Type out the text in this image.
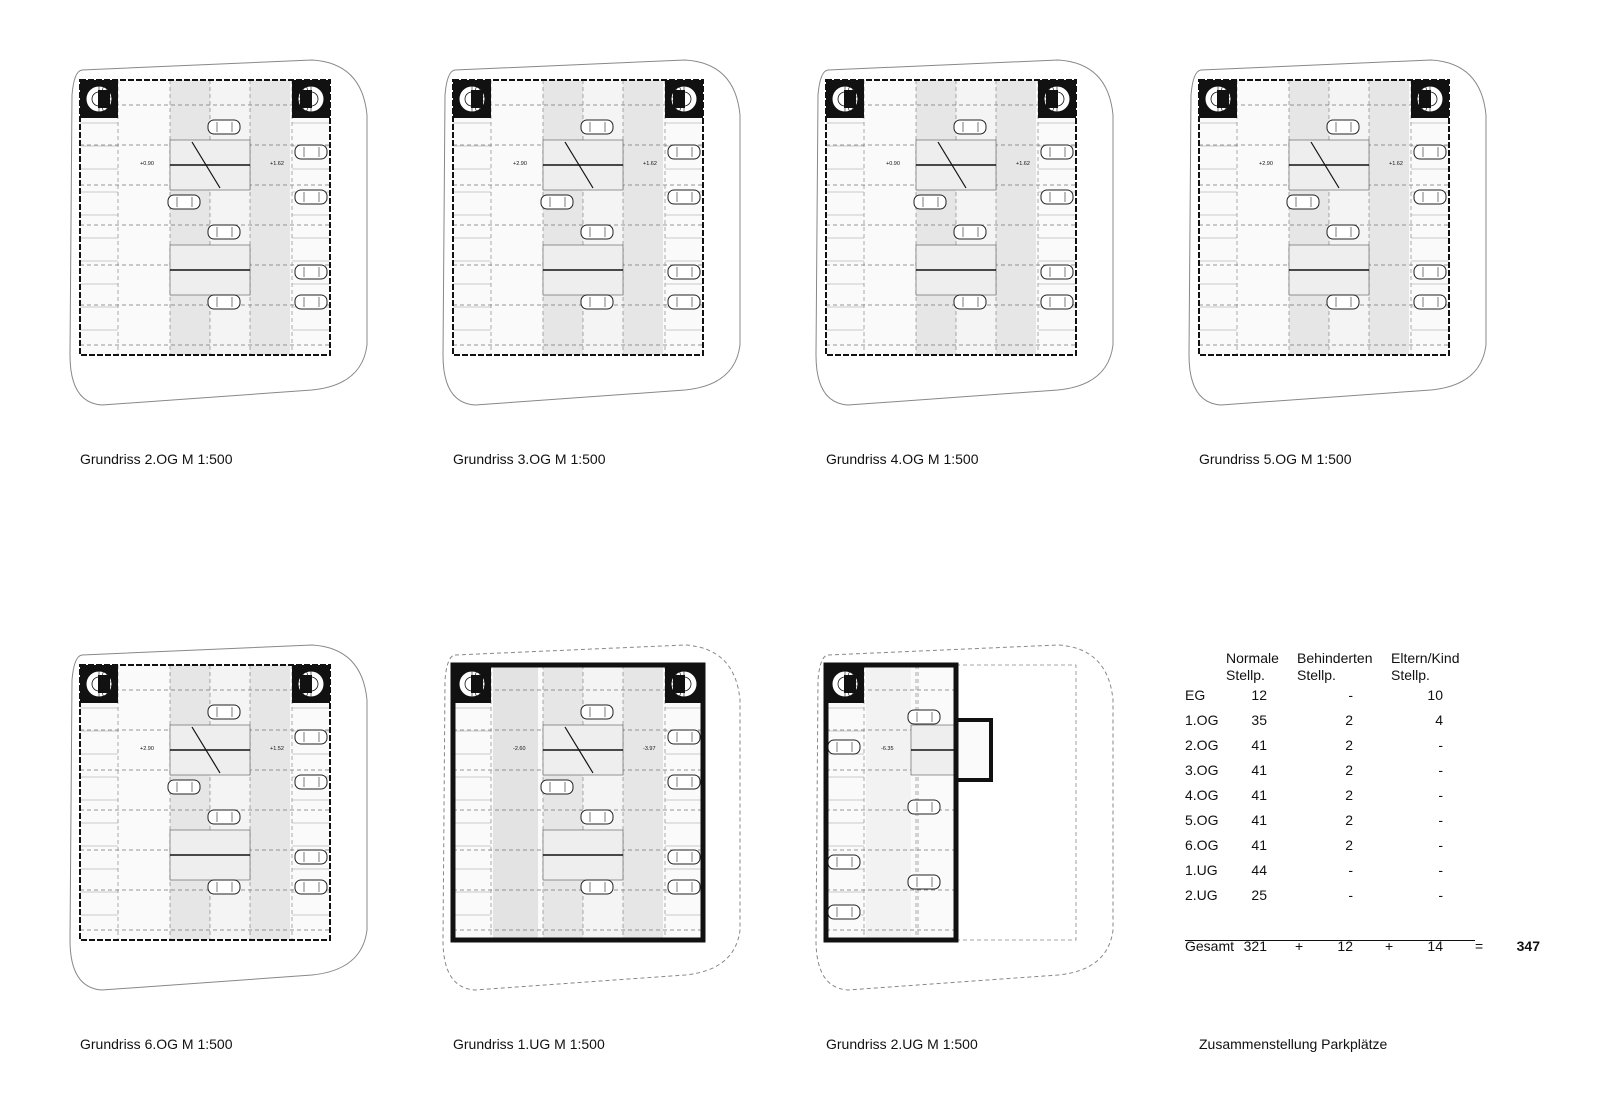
+0.90	+1.62	+2.90	+1.62	+0.90	+1.62	+2.90	+1.62
+2.90	+1.52	-2.60	-3.97	-6.35
Grundriss 2.OG M 1:500	Grundriss 3.OG M 1:500	Grundriss 4.OG M 1:500	Grundriss 5.OG M 1:500
Grundriss 6.OG M 1:500	Grundriss 1.UG M 1:500	Grundriss 2.UG M 1:500	Zusammenstellung Parkplätze
Normale
Stellp.
Behinderten
Stellp.
Eltern/Kind
Stellp.
EG	12	-	10
1.OG	35	2	4
2.OG	41	2	-
3.OG	41	2	-
4.OG	41	2	-
5.OG	41	2	-
6.OG	41	2	-
1.UG	44	-	-
2.UG	25	-	-
Gesamt 321 +	12 +	14 =	347
